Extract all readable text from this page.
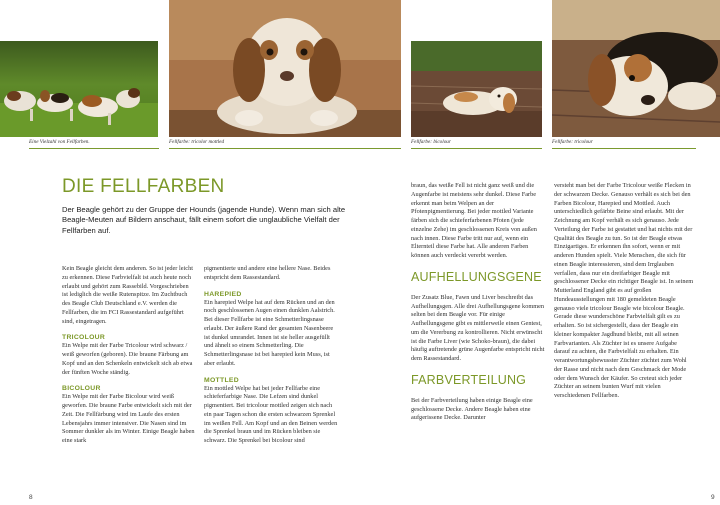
Eine Vielzahl von Fellfarben.	Fellfarbe: tricolor mottled	Fellfarbe: bicolour	Fellfarbe: tricolour
DIE FELLFARBEN

Der Beagle gehört zu der Gruppe der Hounds (jagende Hunde). Wenn man sich alte Beagle-Meuten auf Bildern anschaut, fällt einem sofort die unglaubliche Vielfalt der Fellfarben auf.

Kein Beagle gleicht dem anderen. So ist jeder leicht zu erkennen. Diese Farbvielfalt ist auch heute noch erlaubt und gehört zum Rassebild. Vorgeschrieben ist lediglich die weiße Rutenspitze. Im Zuchtbuch des Beagle Club Deutschland e.V. werden die Fellfarben, die im FCI Rassestandard aufgeführt sind, eingetragen.

TRICOLOUR

Ein Welpe mit der Farbe Tricolour wird schwarz / weiß geworfen (geboren). Die braune Färbung am Kopf und an den Schenkeln entwickelt sich ab etwa der fünften Woche ständig.

BICOLOUR

Ein Welpe mit der Farbe Bicolour wird weiß geworfen. Die braune Farbe entwickelt sich mit der Zeit. Die Fellfärbung wird im Laufe des ersten Lebensjahrs immer intensiver. Die Nasen sind im Sommer dunkler als im Winter. Einige Beagle haben eine stark

pigmentierte und andere eine hellere Nase. Beides entspricht dem Rassestandard.

HAREPIED

Ein harepied Welpe hat auf dem Rücken und an den noch geschlossenen Augen einen dunklen Aalstrich. Bei dieser Fellfarbe ist eine Schmetterlingsnase erlaubt. Der äußere Rand der gesamten Nasenbeere ist dunkel umrandet. Innen ist sie heller ausgefüllt und ähnelt so einem Schmetterling. Die Schmetterlingsnase ist bei harepied kein Muss, ist aber erlaubt.

MOTTLED

Ein mottled Welpe hat bei jeder Fellfarbe eine schieferfarbige Nase. Die Lefzen sind dunkel pigmentiert. Bei tricolour mottled zeigen sich nach ein paar Tagen schon die ersten schwarzen Sprenkel im weißen Fell. Am Kopf und an den Beinen werden die Sprenkel braun und im Rücken bleiben sie schwarz. Die Sprenkel bei bicolour sind

braun, das weiße Fell ist nicht ganz weiß und die Augenfarbe ist meistens sehr dunkel. Diese Farbe erkennt man beim Welpen an der Pfotenpigmentierung. Bei jeder mottled Variante färben sich die schieferfarbenen Pfoten (jede einzelne Zehe) im geschlossenen Kreis von außen nach innen. Diese Farbe tritt nur auf, wenn ein Elternteil diese Farbe hat. Alle anderen Farben können auch verdeckt vererbt werden.

AUFHELLUNGSGENE

Der Zusatz Blue, Fawn und Liver beschreibt das Aufhellungsgen. Alle drei Aufhellungsgene kommen selten bei dem Beagle vor. Für einige Aufhellungsgene gibt es mittlerweile einen Gentest, um die Vererbung zu kontrollieren. Nicht erwünscht ist die Farbe Liver (wie Schoko-braun), die dabei häufig auftretende grüne Augenfarbe entspricht nicht dem Rassestandard.

FARBVERTEILUNG

Bei der Farbverteilung haben einige Beagle eine geschlossene Decke. Andere Beagle haben eine aufgerissene Decke. Darunter

versteht man bei der Farbe Tricolour weiße Flecken in der schwarzen Decke. Genauso verhält es sich bei den Farben Bicolour, Harepied und Mottled. Auch unterschiedlich gefärbte Beine sind erlaubt. Mit der Zeichnung am Kopf verhält es sich genauso. Jede Verteilung der Farbe ist gestattet und hat nichts mit der Qualität des Beagle zu tun. So ist der Beagle etwas Einzigartiges. Er erkennen ihn sofort, wenn er mit anderen Hunden spielt. Viele Menschen, die sich für einen Beagle interessieren, sind dem Irrglauben verfallen, dass nur ein dreifarbiger Beagle mit geschlossener Decke ein richtiger Beagle ist. In seinem Mutterland England gibt es auf großen Hundeausstellungen mit 180 gemeldeten Beagle genauso viele tricolour Beagle wie bicolour Beagle. Gerade diese wunderschöne Farbvielfalt gilt es zu erhalten. So ist sichergestellt, dass der Beagle ein kleiner kompakter Jagdhund bleibt, mit all seinen Farbvarianten. Als Züchter ist es unsere Aufgabe darauf zu achten, die Farbvielfalt zu erhalten. Ein verantwortungsbewusster Züchter züchtet zum Wohl der Rasse und nicht nach dem Geschmack der Mode oder dem Wunsch der Käufer. So creteut sich jeder Züchter an seinem bunten Wurf mit vielen verschiedenen Fellfarben.

8	9
